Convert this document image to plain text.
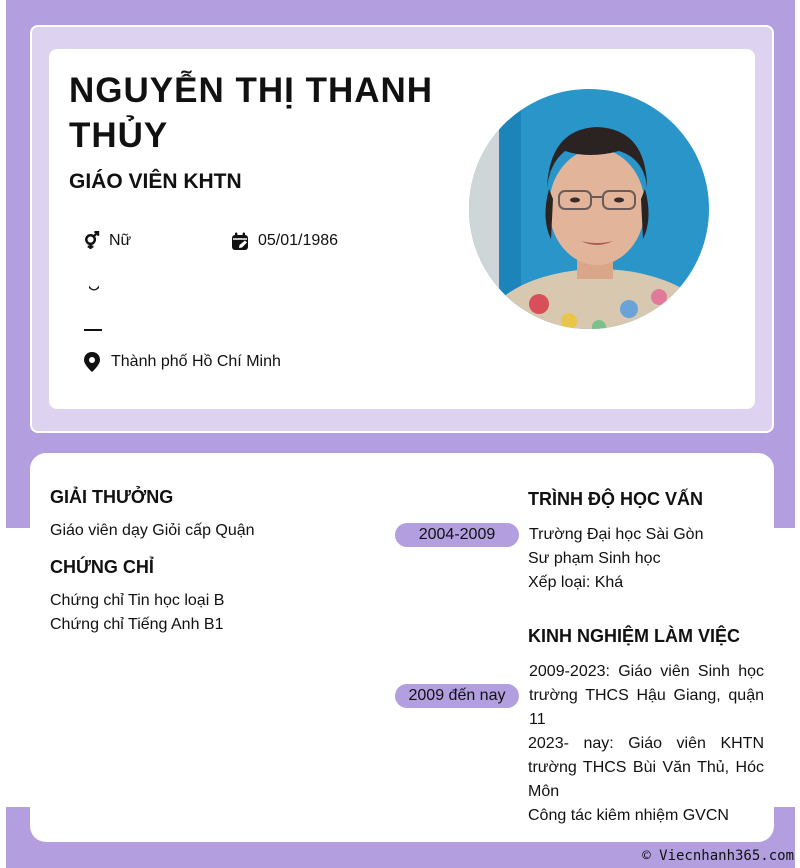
NGUYỄN THỊ THANH THỦY
GIÁO VIÊN KHTN
Nữ	05/01/1986
Thành phố Hồ Chí Minh
GIẢI THƯỞNG
Giáo viên dạy Giỏi cấp Quận
CHỨNG CHỈ
Chứng chỉ Tin học loại B
Chứng chỉ Tiếng Anh B1
TRÌNH ĐỘ HỌC VẤN
2004-2009	Trường Đại học Sài Gòn
Sư phạm Sinh học
Xếp loại: Khá
KINH NGHIỆM LÀM VIỆC
2009 đến nay
2009-2023: Giáo viên Sinh học trường THCS Hậu Giang, quận 11
2023- nay: Giáo viên KHTN trường THCS Bùi Văn Thủ, Hóc Môn
Công tác kiêm nhiệm GVCN
© Viecnhanh365.com
